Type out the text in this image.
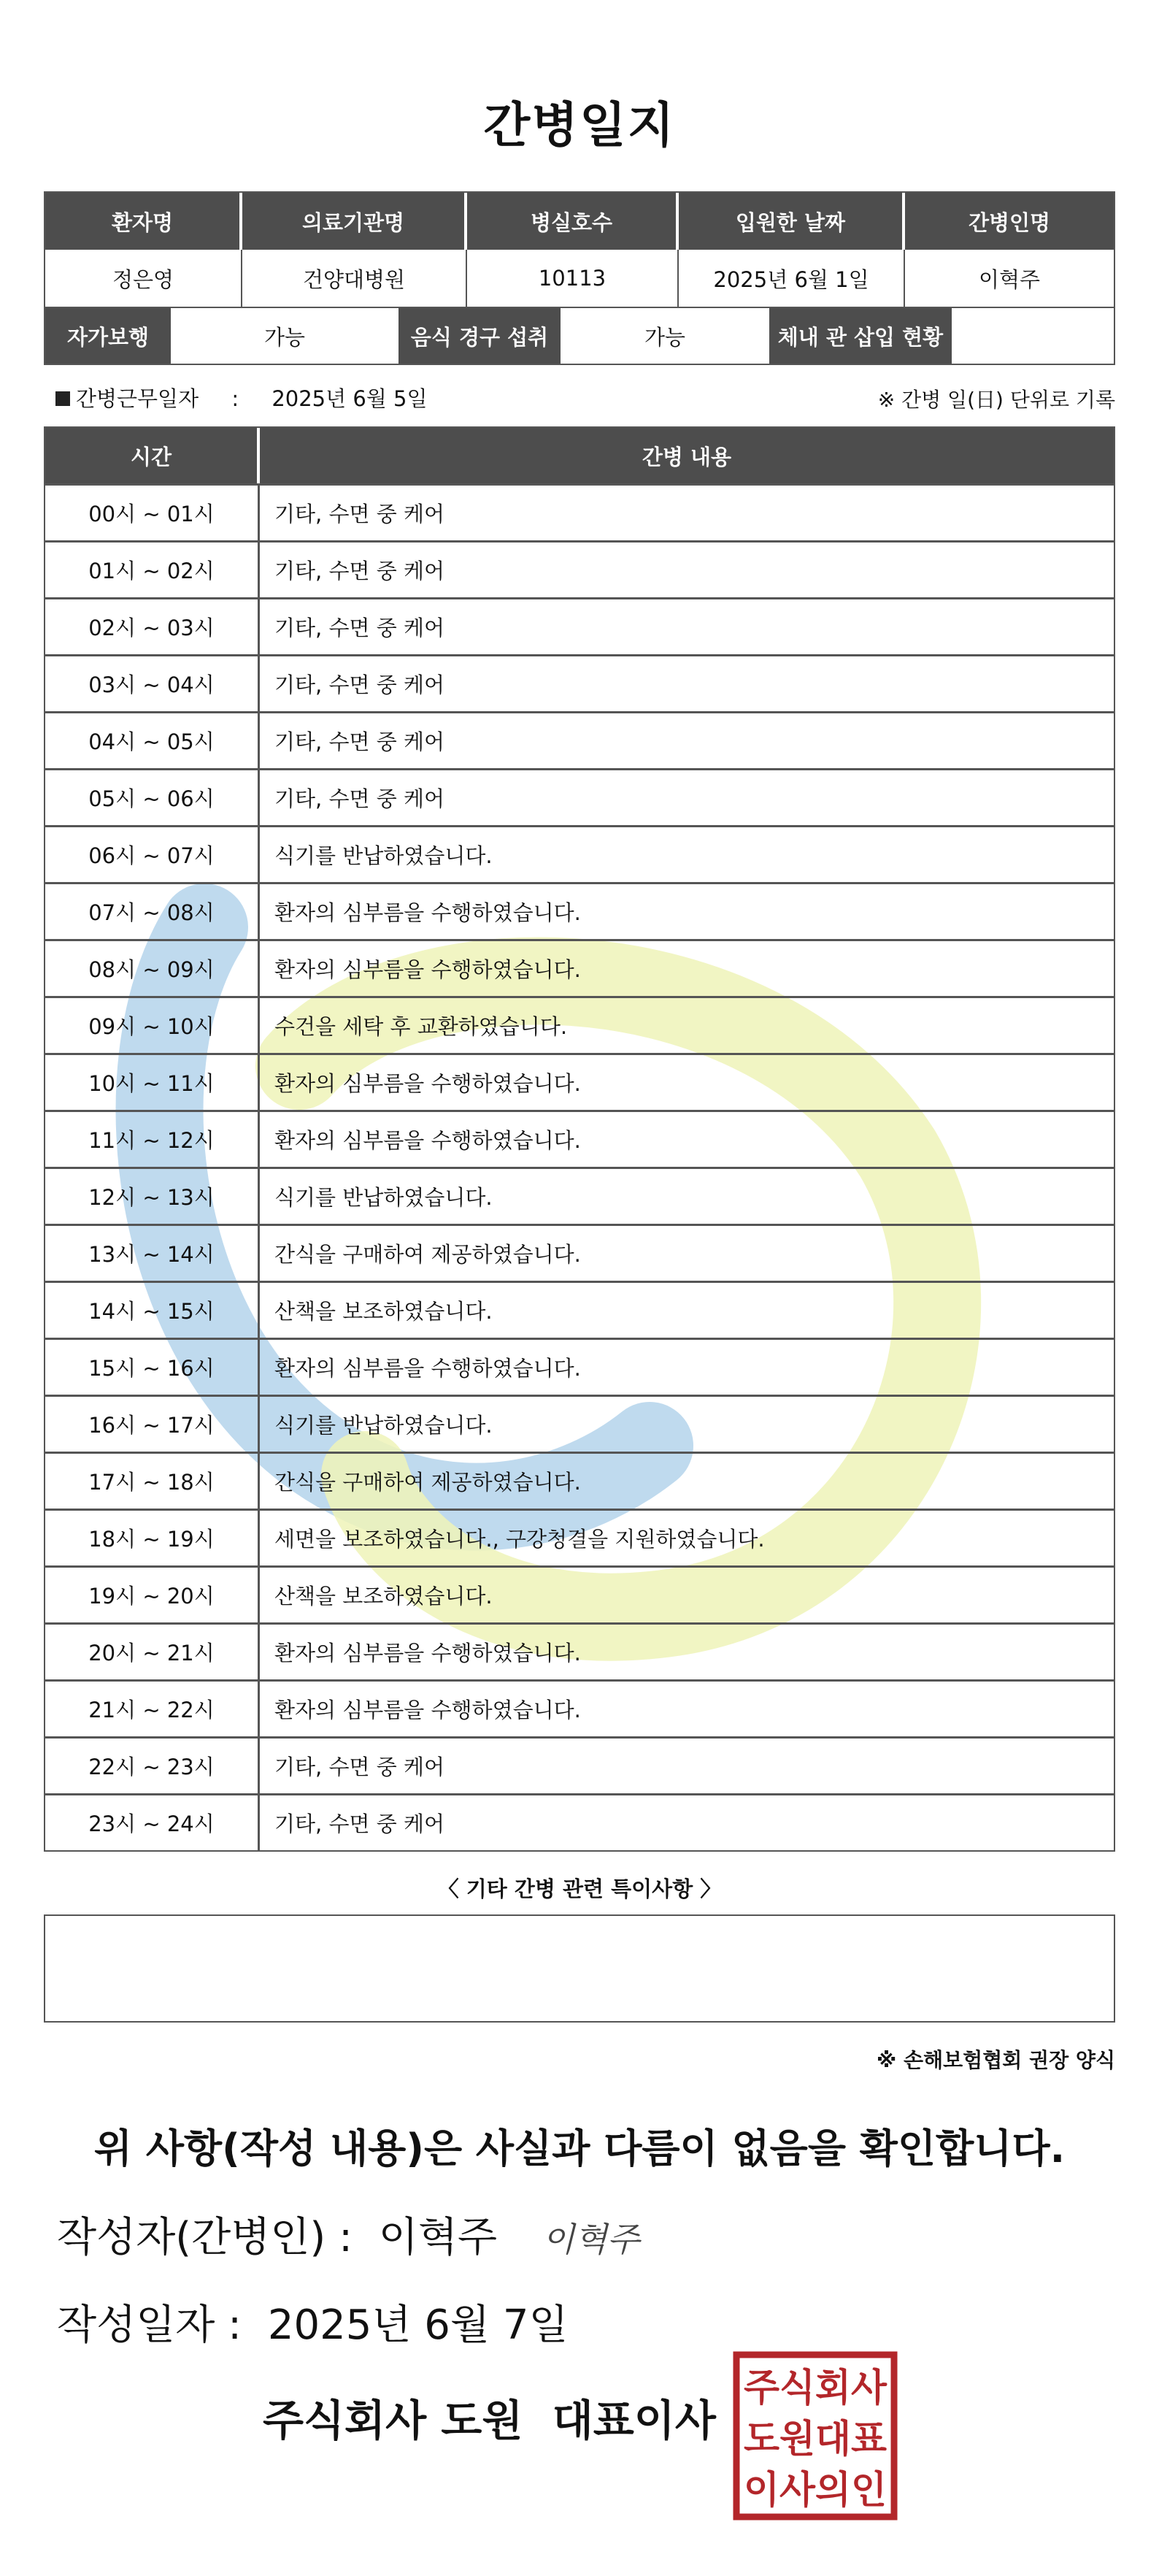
간병일지
환자명	의료기관명	병실호수	입원한 날짜	간병인명
정은영	건양대병원	10113	2025년 6월 1일	이혁주
자가보행	가능	음식 경구 섭취	가능	체내 관 삽입 현황
간병근무일자 : 2025년 6월 5일	※ 간병 일(日) 단위로 기록
시간	간병 내용
00시 ~ 01시	기타, 수면 중 케어
01시 ~ 02시	기타, 수면 중 케어
02시 ~ 03시	기타, 수면 중 케어
03시 ~ 04시	기타, 수면 중 케어
04시 ~ 05시	기타, 수면 중 케어
05시 ~ 06시	기타, 수면 중 케어
06시 ~ 07시	식기를 반납하였습니다.
07시 ~ 08시	환자의 심부름을 수행하였습니다.
08시 ~ 09시	환자의 심부름을 수행하였습니다.
09시 ~ 10시	수건을 세탁 후 교환하였습니다.
10시 ~ 11시	환자의 심부름을 수행하였습니다.
11시 ~ 12시	환자의 심부름을 수행하였습니다.
12시 ~ 13시	식기를 반납하였습니다.
13시 ~ 14시	간식을 구매하여 제공하였습니다.
14시 ~ 15시	산책을 보조하였습니다.
15시 ~ 16시	환자의 심부름을 수행하였습니다.
16시 ~ 17시	식기를 반납하였습니다.
17시 ~ 18시	간식을 구매하여 제공하였습니다.
18시 ~ 19시	세면을 보조하였습니다., 구강청결을 지원하였습니다.
19시 ~ 20시	산책을 보조하였습니다.
20시 ~ 21시	환자의 심부름을 수행하였습니다.
21시 ~ 22시	환자의 심부름을 수행하였습니다.
22시 ~ 23시	기타, 수면 중 케어
23시 ~ 24시	기타, 수면 중 케어
〈 기타 간병 관련 특이사항 〉
※ 손해보험협회 권장 양식
위 사항(작성 내용)은 사실과 다름이 없음을 확인합니다.
작성자(간병인) : 이혁주 이혁주
작성일자 : 2025년 6월 7일
주식회사 도원  대표이사
주식회사
도원대표
이사의인
